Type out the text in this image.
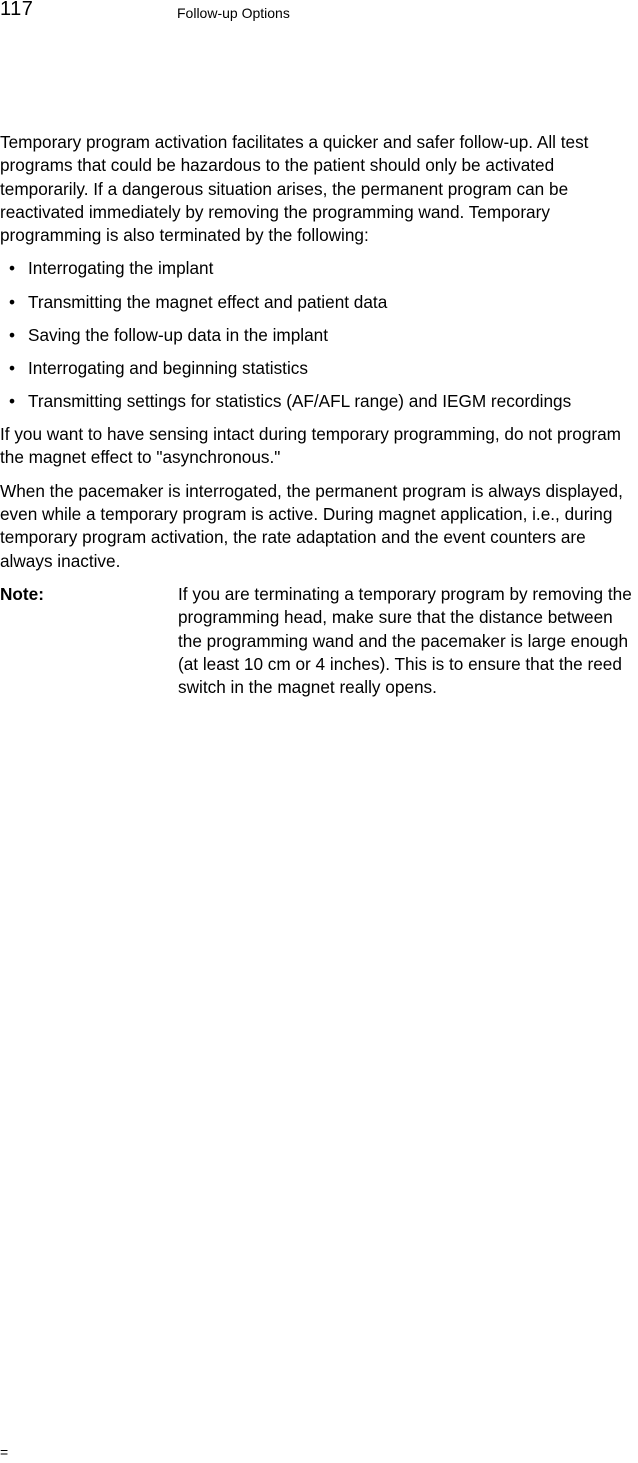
117	Follow-up Options

Temporary program activation facilitates a quicker and safer follow-up. All test programs that could be hazardous to the patient should only be activated temporarily. If a dangerous situation arises, the permanent program can be reactivated immediately by removing the programming wand. Temporary programming is also terminated by the following:

• Interrogating the implant
• Transmitting the magnet effect and patient data
• Saving the follow-up data in the implant
• Interrogating and beginning statistics
• Transmitting settings for statistics (AF/AFL range) and IEGM recordings

If you want to have sensing intact during temporary programming, do not program the magnet effect to "asynchronous."

When the pacemaker is interrogated, the permanent program is always displayed, even while a temporary program is active. During magnet application, i.e., during temporary program activation, the rate adaptation and the event counters are always inactive.

Note:	If you are terminating a temporary program by removing the programming head, make sure that the distance between the programming wand and the pacemaker is large enough (at least 10 cm or 4 inches). This is to ensure that the reed switch in the magnet really opens.
=
